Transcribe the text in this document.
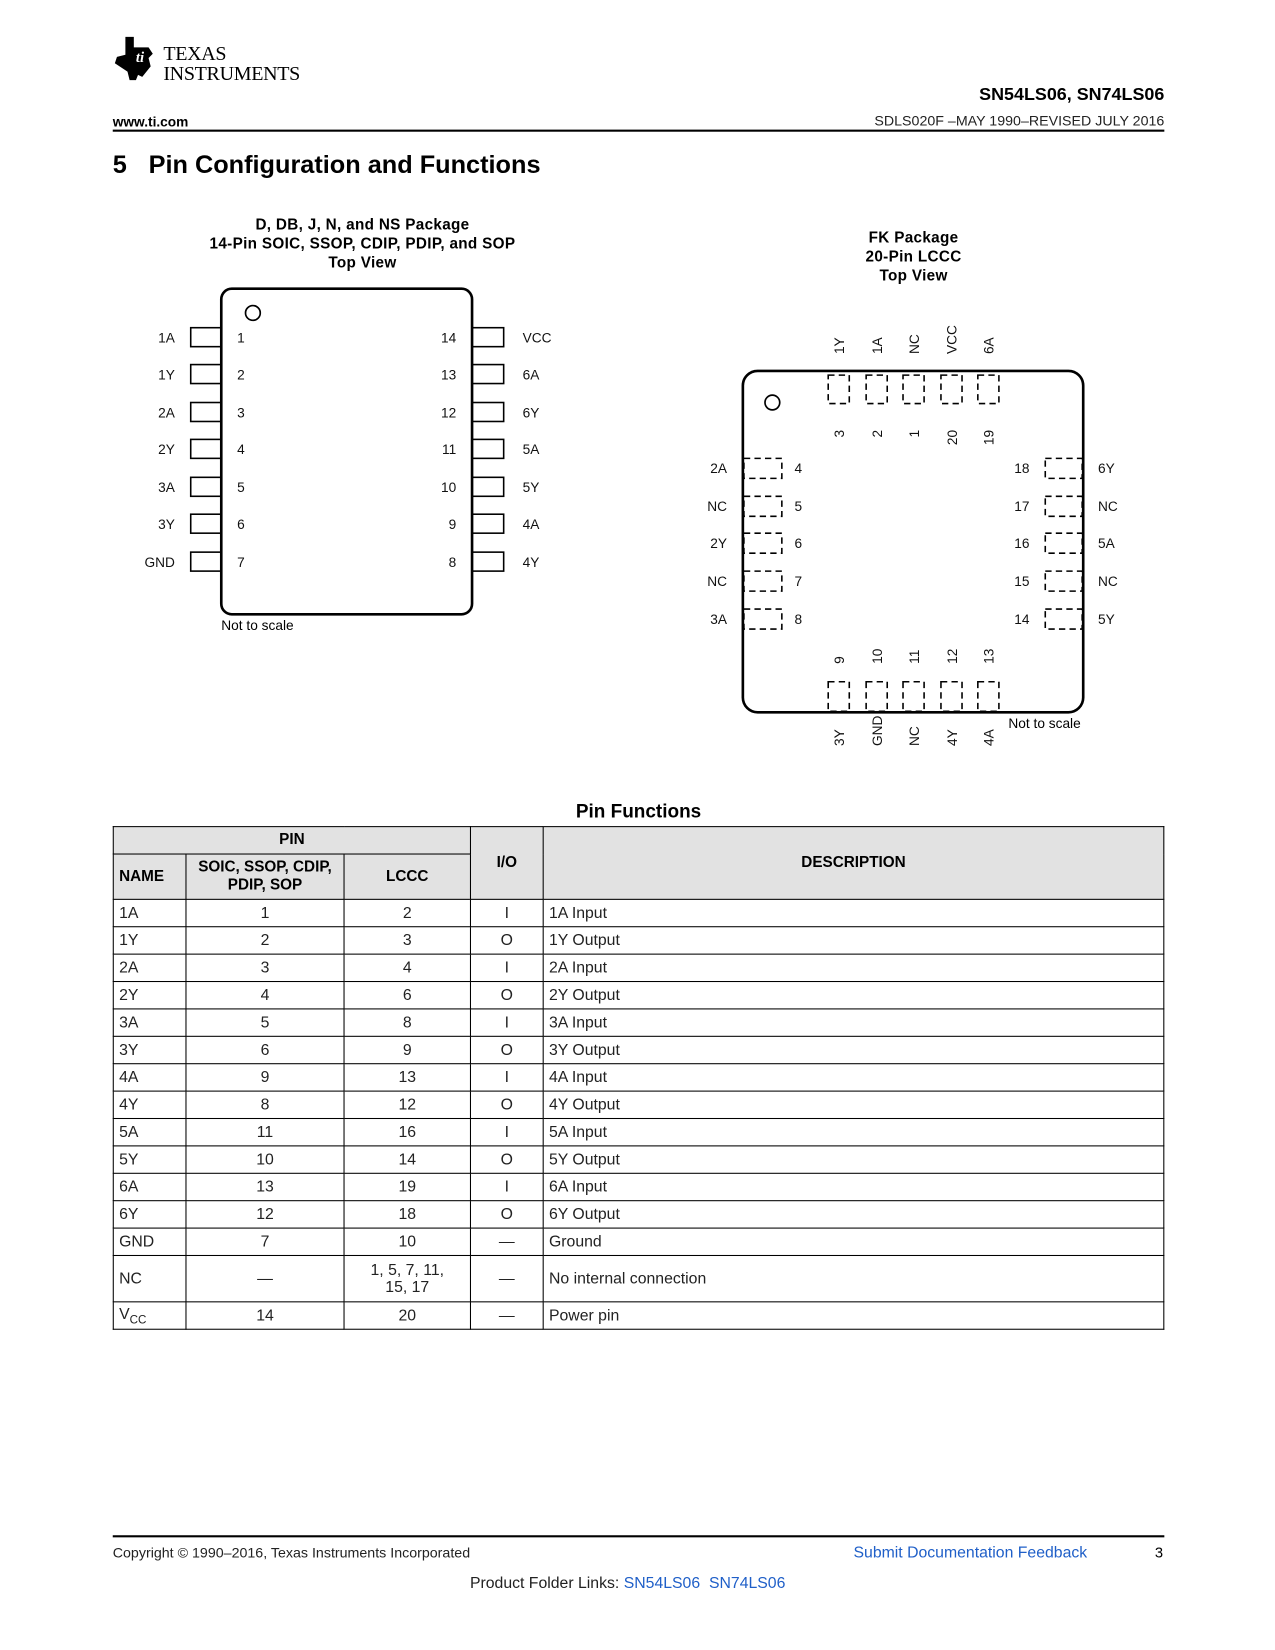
ti TEXAS
INSTRUMENTS
SN54LS06, SN74LS06
www.ti.com	SDLS020F –MAY 1990–REVISED JULY 2016
5 Pin Configuration and Functions
D, DB, J, N, and NS Package
14-Pin SOIC, SSOP, CDIP, PDIP, and SOP
Top View
FK Package
20-Pin LCCC
Top View
1A	1
1Y	2
2A	3
2Y	4
3A	5
3Y	6
GND	7
VCC
14
6A
13
6Y
12
5A
11
5Y
10
4A
9
4Y
8
1Y
3
1A
2
NC
1
VCC
20
6A
19
3Y
9
GND
10
NC
11
4Y
12
4A
13
2A	4
NC	5
2Y	6
NC	7
3A	8
6Y
18
NC
17
5A
16
NC
15
5Y
14
Not to scale
Not to scale
Pin Functions
PIN			I/O	DESCRIPTION
NAME	SOIC, SSOP, CDIP, PDIP, SOP	LCCC		
1A	1	2	I	1A Input
1Y	2	3	O	1Y Output
2A	3	4	I	2A Input
2Y	4	6	O	2Y Output
3A	5	8	I	3A Input
3Y	6	9	O	3Y Output
4A	9	13	I	4A Input
4Y	8	12	O	4Y Output
5A	11	16	I	5A Input
5Y	10	14	O	5Y Output
6A	13	19	I	6A Input
6Y	12	18	O	6Y Output
GND	7	10	—	Ground
NC	—	1, 5, 7, 11, 15, 17	—	No internal connection
$V_{CC}$	14	20	—	Power pin
Copyright © 1990–2016, Texas Instruments Incorporated	Submit Documentation Feedback	3
Product Folder Links: SN54LS06 SN74LS06
